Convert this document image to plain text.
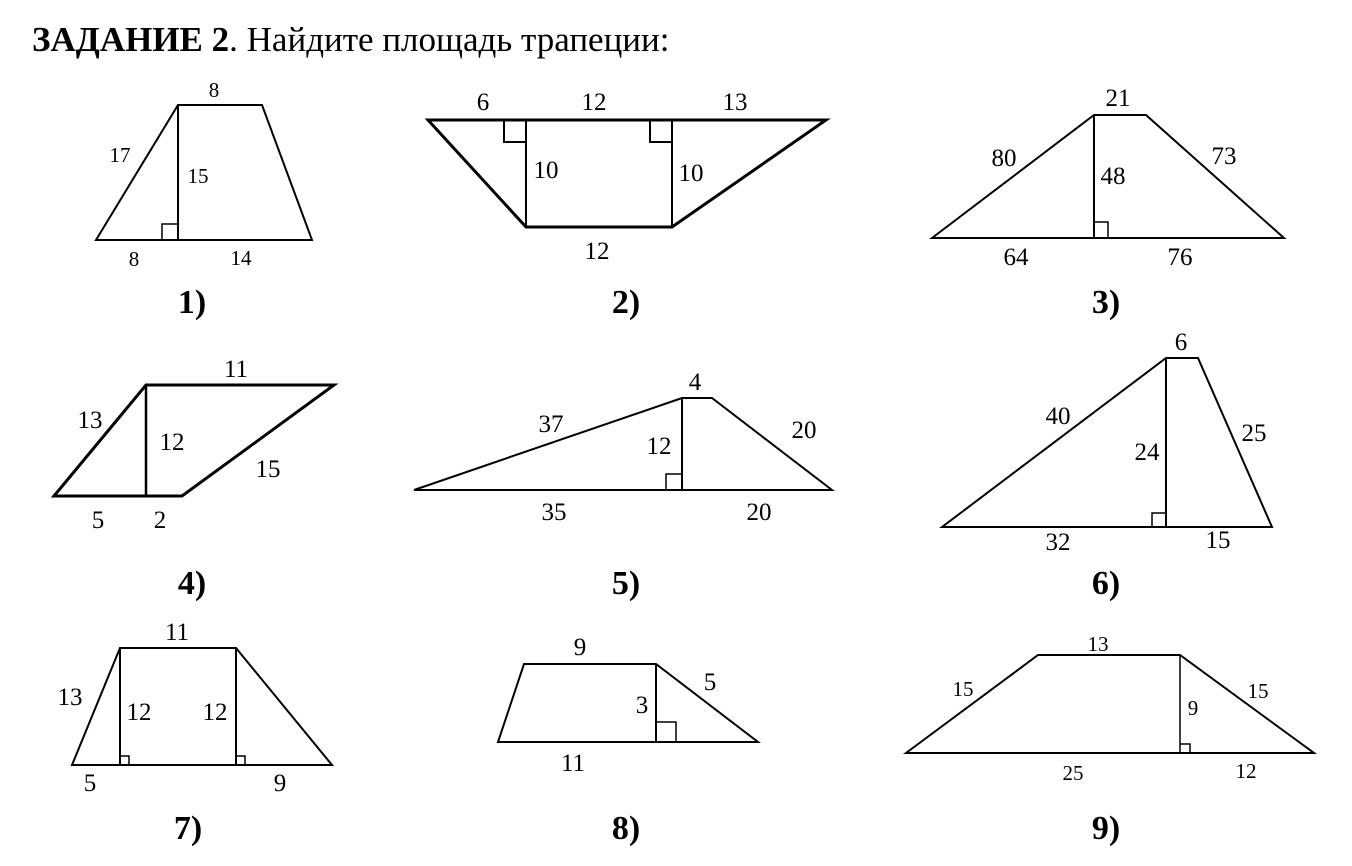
ЗАДАНИЕ 2. Найдите площадь трапеции:
8
17
15
8	14
1)
6	12	13
10	10
12
2)
21
80	73
48
64	76
3)
11
13
12
15
5 2
4)
4
37
12
20
35	20
5)
6
40
24
25
32	15
6)
11
13
12 12
5	9
7)
9
3
5
11
8)
13
15
9
15
25	12
9)
